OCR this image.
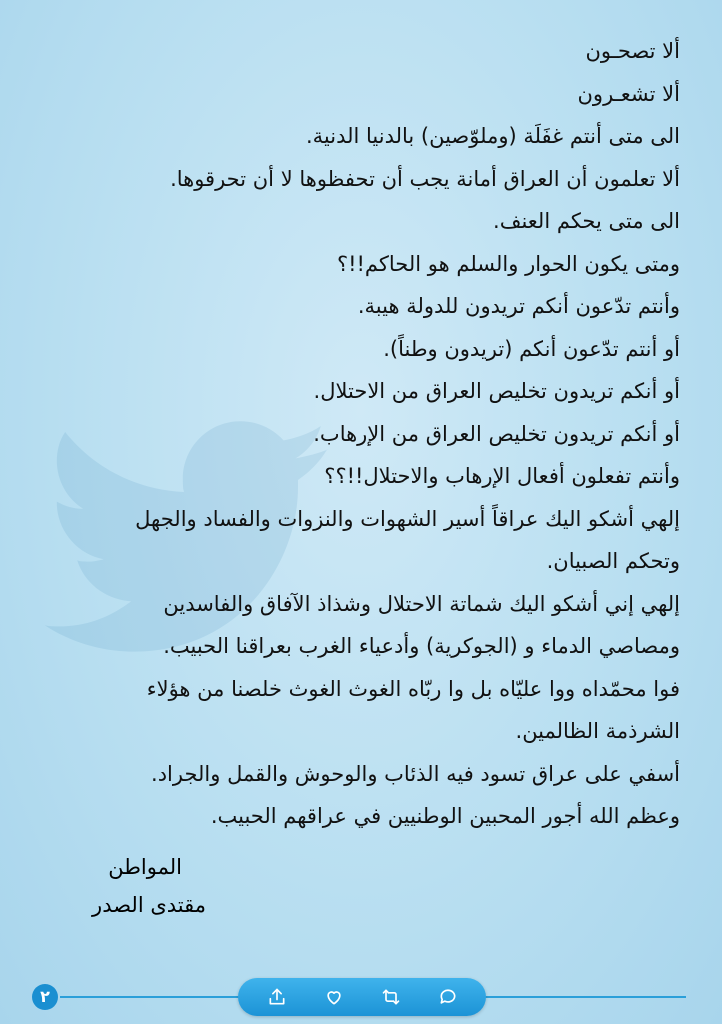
ألا تصحـون

ألا تشعـرون

الى متى أنتم غفَلَة (وملوّصين) بالدنيا الدنية.

ألا تعلمون أن العراق أمانة يجب أن تحفظوها لا أن تحرقوها.

الى متى يحكم العنف.

ومتى يكون الحوار والسلم هو الحاكم!!؟

وأنتم تدّعون أنكم تريدون للدولة هيبة.

أو أنتم تدّعون أنكم (تريدون وطناً).

أو أنكم تريدون تخليص العراق من الاحتلال.

أو أنكم تريدون تخليص العراق من الإرهاب.

وأنتم تفعلون أفعال الإرهاب والاحتلال!!؟؟

إلهي أشكو اليك عراقاً أسير الشهوات والنزوات والفساد والجهل

وتحكم الصبيان.

إلهي إني أشكو اليك شماتة الاحتلال وشذاذ الآفاق والفاسدين

ومصاصي الدماء و (الجوكرية) وأدعياء الغرب بعراقنا الحبيب.

فوا محمّداه ووا عليّاه بل وا ربّاه الغوث الغوث خلصنا من هؤلاء

الشرذمة الظالمين.

أسفي على عراق تسود فيه الذئاب والوحوش والقمل والجراد.

وعظم الله أجور المحبين الوطنيين في عراقهم الحبيب.

المواطن

مقتدى الصدر

٢
